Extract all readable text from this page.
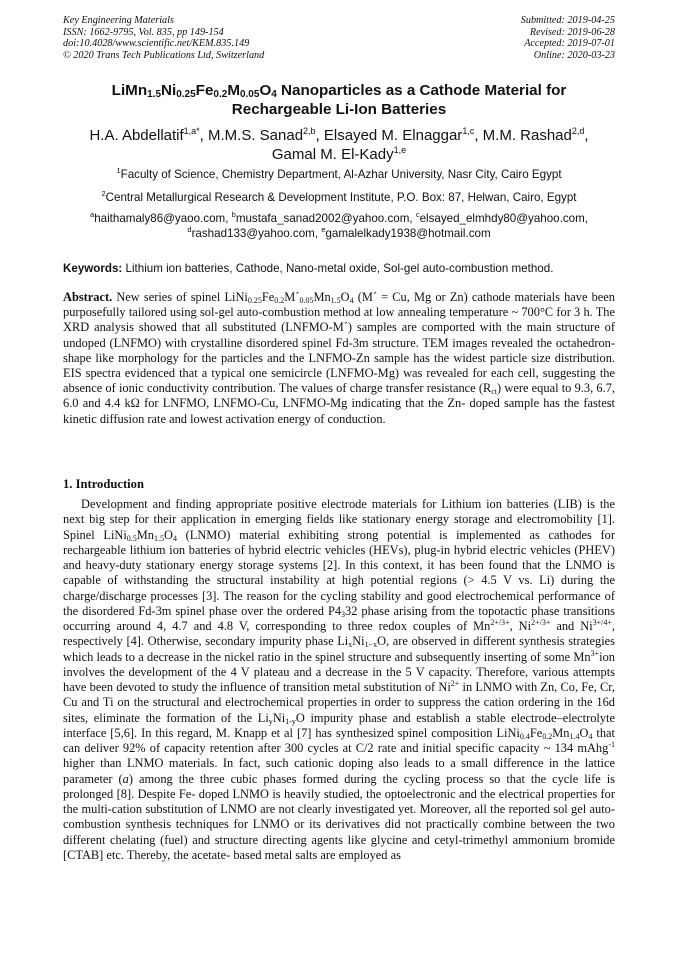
Key Engineering Materials
ISSN: 1662-9795, Vol. 835, pp 149-154
doi:10.4028/www.scientific.net/KEM.835.149
© 2020 Trans Tech Publications Ltd, Switzerland
Submitted: 2019-04-25
Revised: 2019-06-28
Accepted: 2019-07-01
Online: 2020-03-23
$LiMn_{1.5}Ni_{0.25}Fe_{0.2}M_{0.05}O_4$ Nanoparticles as a Cathode Material for
Rechargeable Li-Ion Batteries
H.A. Abdellatif$^{1,a*}$, M.M.S. Sanad$^{2,b}$, Elsayed M. Elnaggar$^{1,c}$, M.M. Rashad$^{2,d}$,
Gamal M. El-Kady$^{1,e}$
$^1$Faculty of Science, Chemistry Department, Al-Azhar University, Nasr City, Cairo Egypt
$^2$Central Metallurgical Research & Development Institute, P.O. Box: 87, Helwan, Cairo, Egypt
$^a$haithamaly86@yaoo.com, $^b$mustafa_sanad2002@yahoo.com, $^c$elsayed_elmhdy80@yahoo.com,
$^d$rashad133@yahoo.com, $^e$gamalelkady1938@hotmail.com
Keywords: Lithium ion batteries, Cathode, Nano-metal oxide, Sol-gel auto-combustion method.
Abstract. New series of spinel $LiNi_{0.25}Fe_{0.2}M´_{0.05}Mn_{1.5}O_4$ (M´ = Cu, Mg or Zn) cathode materials have been purposefully tailored using sol-gel auto-combustion method at low annealing temperature ~ 700°C for 3 h. The XRD analysis showed that all substituted (LNFMO-M´) samples are comported with the main structure of undoped (LNFMO) with crystalline disordered spinel Fd-3m structure. TEM images revealed the octahedron-shape like morphology for the particles and the LNFMO-Zn sample has the widest particle size distribution. EIS spectra evidenced that a typical one semicircle (LNFMO-Mg) was revealed for each cell, suggesting the absence of ionic conductivity contribution. The values of charge transfer resistance $(R_{ct})$ were equal to 9.3, 6.7, 6.0 and 4.4 kΩ for LNFMO, LNFMO-Cu, LNFMO-Mg indicating that the Zn- doped sample has the fastest kinetic diffusion rate and lowest activation energy of conduction.
1. Introduction

Development and finding appropriate positive electrode materials for Lithium ion batteries (LIB) is the next big step for their application in emerging fields like stationary energy storage and electromobility [1]. Spinel $LiNi_{0.5}Mn_{1.5}O_4$ (LNMO) material exhibiting strong potential is implemented as cathodes for rechargeable lithium ion batteries of hybrid electric vehicles (HEVs), plug-in hybrid electric vehicles (PHEV) and heavy-duty stationary energy storage systems [2]. In this context, it has been found that the LNMO is capable of withstanding the structural instability at high potential regions (> 4.5 V vs. Li) during the charge/discharge processes [3]. The reason for the cycling stability and good electrochemical performance of the disordered Fd-3m spinel phase over the ordered $P4_332$ phase arising from the topotactic phase transitions occurring around 4, 4.7 and 4.8 V, corresponding to three redox couples of $Mn^{2+/3+}$, $Ni^{2+/3+}$ and $Ni^{3+/4+}$, respectively [4]. Otherwise, secondary impurity phase $Li_xNi_{1-x}O$, are observed in different synthesis strategies which leads to a decrease in the nickel ratio in the spinel structure and subsequently inserting of some $Mn^{3+}ion$ involves the development of the 4 V plateau and a decrease in the 5 V capacity. Therefore, various attempts have been devoted to study the influence of transition metal substitution of $Ni^{2+}$ in LNMO with Zn, Co, Fe, Cr, Cu and Ti on the structural and electrochemical properties in order to suppress the cation ordering in the 16d sites, eliminate the formation of the $Li_yNi_{1-y}O$ impurity phase and establish a stable electrode–electrolyte interface [5,6]. In this regard, M. Knapp et al [7] has synthesized spinel composition $LiNi_{0.4}Fe_{0.2}Mn_{1.4}O_4$ that can deliver 92% of capacity retention after 300 cycles at C/2 rate and initial specific capacity ~ 134 mAhg$^{-1}$ higher than LNMO materials. In fact, such cationic doping also leads to a small difference in the lattice parameter (a) among the three cubic phases formed during the cycling process so that the cycle life is prolonged [8]. Despite Fe- doped LNMO is heavily studied, the optoelectronic and the electrical properties for the multi-cation substitution of LNMO are not clearly investigated yet. Moreover, all the reported sol gel auto-combustion synthesis techniques for LNMO or its derivatives did not practically combine between the two different chelating (fuel) and structure directing agents like glycine and cetyl-trimethyl ammonium bromide [CTAB] etc. Thereby, the acetate- based metal salts are employed as
